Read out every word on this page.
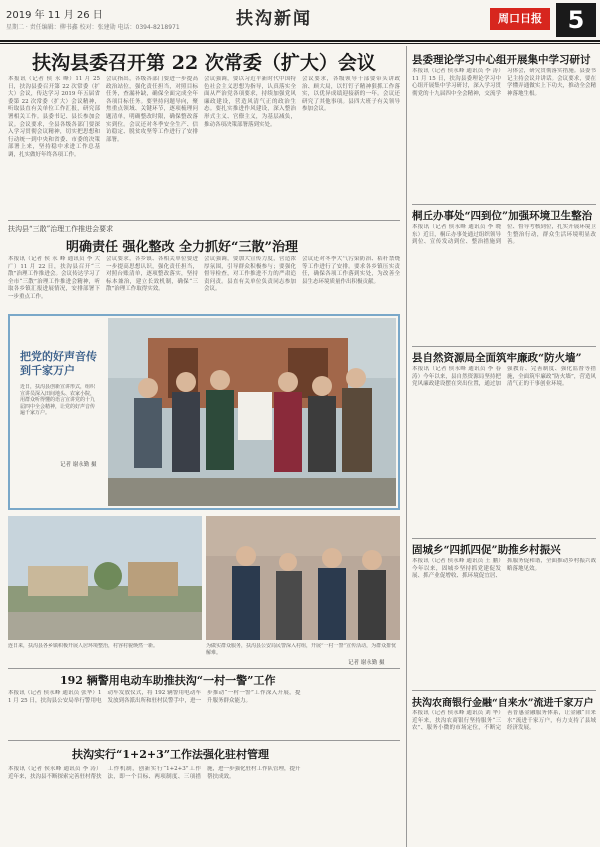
2019 年 11 月 26 日
星期二 · 责任编辑：柳书鑫 校对：张建勋 电话：0394-8218971	扶沟新闻	周口日报	5
扶沟县委召开第 22 次常委（扩大）会议
本报讯（记者 侯 永 峰）11 月 25 日，扶沟县委召开第 22 次常委（扩大）会议，传达学习 2019 年五届省委第 22 次常委（扩大）会议精神，听取县直有关单位工作汇报，研究部署相关工作。县委书记、县长参加会议。会议要求，全县各级各部门要深入学习贯彻会议精神，切实把思想和行动统一到中央和省委、市委的决策部署上来，坚持稳中求进工作总基调，扎实做好年终各项工作。
会议指出，各级各部门要进一步提高政治站位，强化责任担当，对照目标任务，查漏补缺，确保全面完成全年各项目标任务。要坚持问题导向，聚焦重点领域、关键环节，逐项梳理问题清单，明确整改时限，确保整改落实到位。会议还对冬季安全生产、信访稳定、脱贫攻坚等工作进行了安排部署。
会议强调，要以习近平新时代中国特色社会主义思想为指导，认真落实全面从严治党各项要求，持续加强党风廉政建设，营造风清气正的政治生态。要扎实推进作风建设，深入整治形式主义、官僚主义，为基层减负，推动各项决策部署落到实处。
会议要求，各级领导干部要带头讲政治、顾大局，以钉钉子精神狠抓工作落实，以优异成绩迎接新的一年。会议还研究了其他事项。县四大班子有关领导参加会议。
扶沟县“三散”治理工作推进会要求
明确责任 强化整改 全力抓好“三散”治理
本报讯（记者 侯 永 峰 通讯员 李 大 广）11 月 22 日，扶沟县召开“三散”治理工作推进会。会议传达学习了全市“三散”治理工作推进会精神，听取各乡镇汇报进展情况，安排部署下一步重点工作。
会议要求，各乡镇、各相关单位要进一步提高思想认识，强化责任担当，对照台账清单，逐项整改落实，坚持标本兼治，建立长效机制，确保“三散”治理工作取得实效。
会议强调，要加大宣传力度，营造浓厚氛围，引导群众积极参与；要强化督导检查，对工作推进不力的严肃追责问责。县直有关单位负责同志参加会议。
会议还对冬季大气污染防治、秸秆禁烧等工作进行了安排。要求各乡镇压实责任，确保各项工作落到实处，为改善全县生态环境质量作出积极贡献。
把党的好声音传到千家万户
近日，扶沟县创新宣讲形式，组织宣讲员深入田间地头、农家小院，用群众听得懂的语言宣讲党的十九届四中全会精神，让党的好声音传遍千家万户。
记者 谢永勤 摄
连日来，扶沟县各乡镇积极开展人居环境整治，村容村貌焕然一新。	为做实群众服务，扶沟县公安局民警深入村组，开展“一村一警”宣传活动，为群众排忧解难。
记者 谢永勤 摄
192 辆警用电动车助推扶沟“一村一警”工作
本报讯（记者 侯永峰 通讯员 张华）11 月 25 日，扶沟县公安局举行警用电动车发放仪式，将 192 辆警用电动车发放到各派出所和驻村民警手中，进一步推动“一村一警”工作深入开展，提升服务群众能力。
扶沟实行“1+2+3”工作法强化驻村管理
本报讯（记者 侯永峰 通讯员 李 涛）近年来，扶沟县不断探索完善驻村帮扶工作机制，创新实行“1+2+3”工作法，即一个目标、两项制度、三项措施，进一步强化驻村工作队管理，提升帮扶成效。
县委理论学习中心组开展集中学习研讨
本报讯（记者 侯永峰 通讯员 李 涛）11 月 15 日，扶沟县委理论学习中心组开展集中学习研讨，深入学习贯彻党的十九届四中全会精神，交流学习体会，研究贯彻落实措施。县委书记主持会议并讲话。会议要求，要在学懂弄通做实上下功夫，推动全会精神落地生根。
桐丘办事处“四到位”加强环境卫生整治
本报讯（记者 侯永峰 通讯员 李 晓 东）近日，桐丘办事处通过组织领导到位、宣传发动到位、整治措施到位、督导考核到位，扎实开展环境卫生整治行动，群众生活环境明显改善。
县自然资源局全面筑牢廉政“防火墙”
本报讯（记者 侯永峰 通讯员 李 春 涛）今年以来，县自然资源局坚持把党风廉政建设摆在突出位置，通过加强教育、完善制度、强化监督等措施，全面筑牢廉政“防火墙”，营造风清气正的干事创业环境。
固城乡“四抓四促”助推乡村振兴
本报讯（记者 侯永峰 通讯员 王 鹏）今年以来，固城乡坚持抓党建促发展、抓产业促增收、抓环境促宜居、抓服务促和谐，全面推动乡村振兴战略落地见效。
扶沟农商银行金融“自来水”流进千家万户
本报讯（记者 侯永峰 通讯员 刘 华）近年来，扶沟农商银行坚持服务“三农”、服务小微的市场定位，不断完善普惠金融服务体系，让金融“自来水”流进千家万户，有力支持了县域经济发展。
